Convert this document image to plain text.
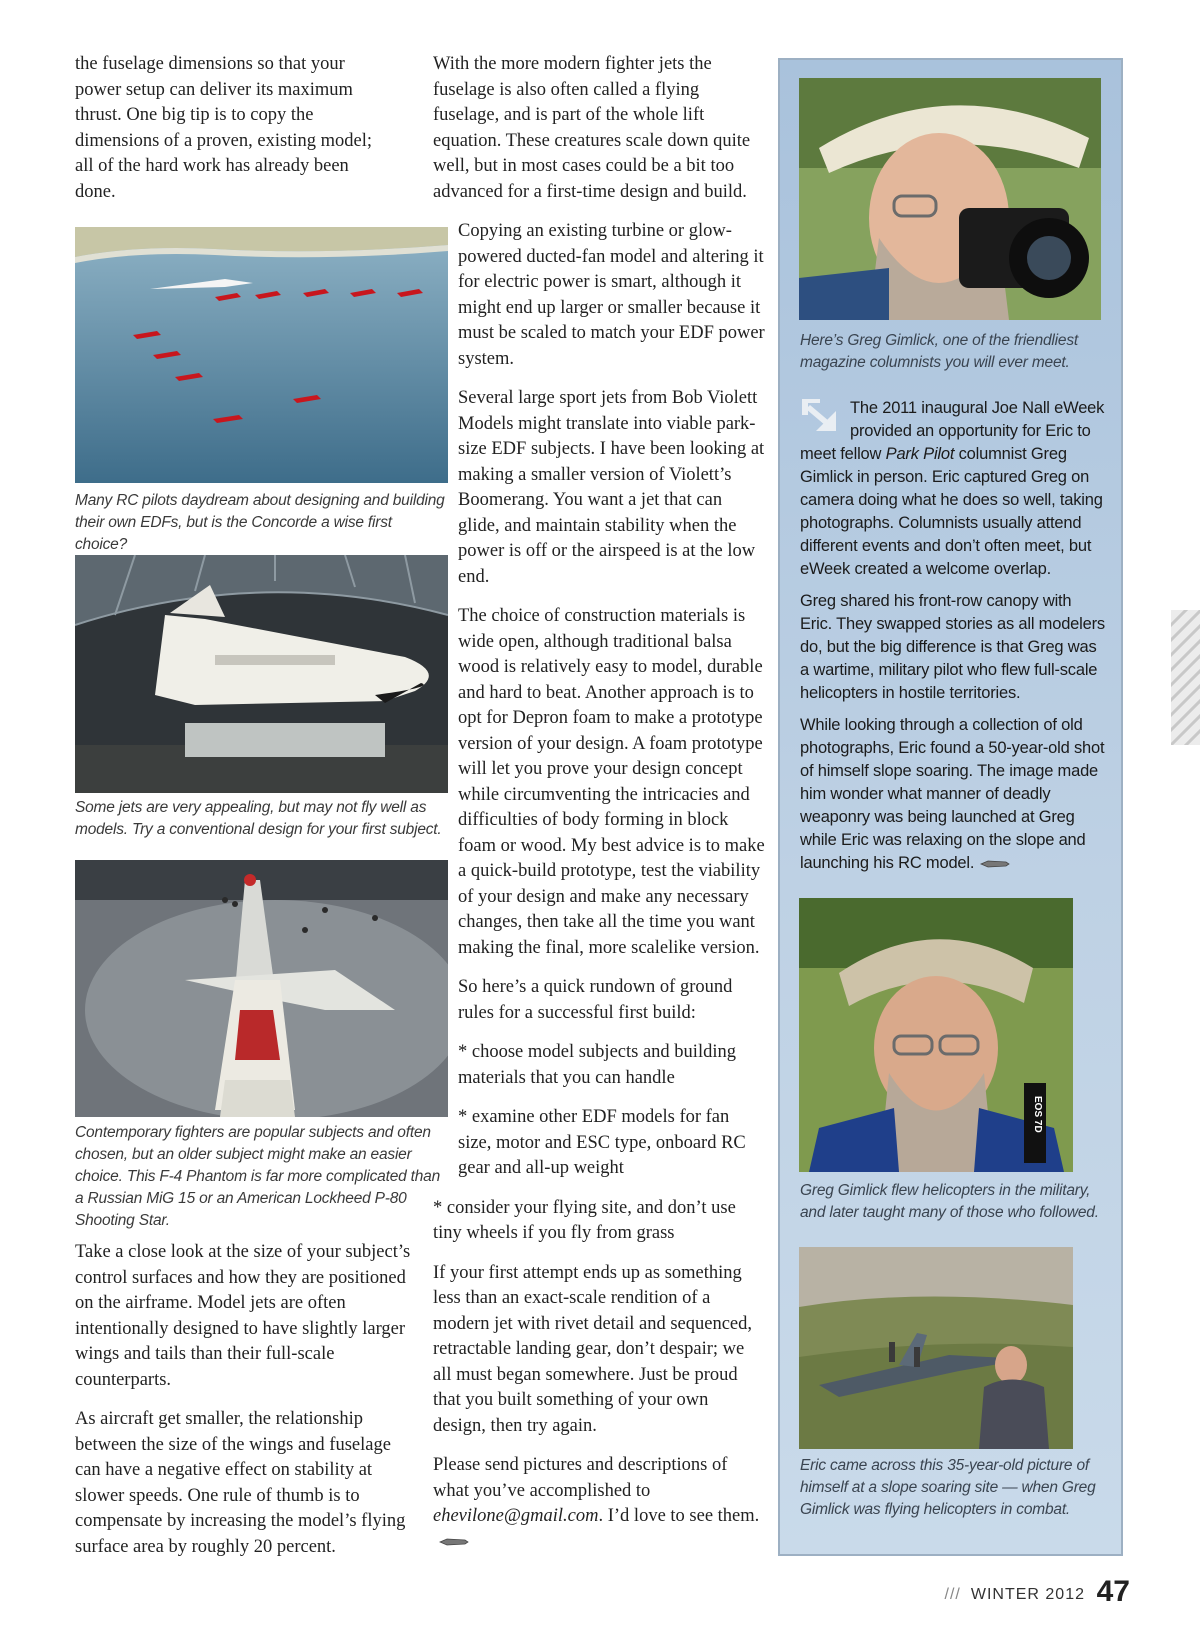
the fuselage dimensions so that your power setup can deliver its maximum thrust. One big tip is to copy the dimensions of a proven, existing model; all of the hard work has already been done.

Many RC pilots daydream about designing and building their own EDFs, but is the Concorde a wise first choice?
Some jets are very appealing, but may not fly well as models. Try a conventional design for your first subject.
Contemporary fighters are popular subjects and often chosen, but an older subject might make an easier choice. This F-4 Phantom is far more complicated than a Russian MiG 15 or an American Lockheed P-80 Shooting Star.

Take a close look at the size of your subject’s control surfaces and how they are positioned on the airframe. Model jets are often intentionally designed to have slightly larger wings and tails than their full-scale counterparts.

As aircraft get smaller, the relationship between the size of the wings and fuselage can have a negative effect on stability at slower speeds. One rule of thumb is to compensate by increasing the model’s flying surface area by roughly 20 percent.

With the more modern fighter jets the fuselage is also often called a flying fuselage, and is part of the whole lift equation. These creatures scale down quite well, but in most cases could be a bit too advanced for a first-time design and build.

Copying an existing turbine or glow-powered ducted-fan model and altering it for electric power is smart, although it might end up larger or smaller because it must be scaled to match your EDF power system.

Several large sport jets from Bob Violett Models might translate into viable park-size EDF subjects. I have been looking at making a smaller version of Violett’s Boomerang. You want a jet that can glide, and maintain stability when the power is off or the airspeed is at the low end.

The choice of construction materials is wide open, although traditional balsa wood is relatively easy to model, durable and hard to beat. Another approach is to opt for Depron foam to make a prototype version of your design. A foam prototype will let you prove your design concept while circumventing the intricacies and difficulties of body forming in block foam or wood. My best advice is to make a quick-build prototype, test the viability of your design and make any necessary changes, then take all the time you want making the final, more scalelike version.

So here’s a quick rundown of ground rules for a successful first build:

* choose model subjects and building materials that you can handle

* examine other EDF models for fan size, motor and ESC type, onboard RC gear and all-up weight

* consider your flying site, and don’t use tiny wheels if you fly from grass

If your first attempt ends up as something less than an exact-scale rendition of a modern jet with rivet detail and sequenced, retractable landing gear, don’t despair; we all must began somewhere. Just be proud that you built something of your own design, then try again.

Please send pictures and descriptions of what you’ve accomplished to ehevilone@gmail.com. I’d love to see them.

Here’s Greg Gimlick, one of the friendliest magazine columnists you will ever meet.

The 2011 inaugural Joe Nall eWeek provided an opportunity for Eric to meet fellow Park Pilot columnist Greg Gimlick in person. Eric captured Greg on camera doing what he does so well, taking photographs. Columnists usually attend different events and don’t often meet, but eWeek created a welcome overlap.

Greg shared his front-row canopy with Eric. They swapped stories as all modelers do, but the big difference is that Greg was a wartime, military pilot who flew full-scale helicopters in hostile territories.

While looking through a collection of old photographs, Eric found a 50-year-old shot of himself slope soaring. The image made him wonder what manner of deadly weaponry was being launched at Greg while Eric was relaxing on the slope and launching his RC model.

EOS 7D
Greg Gimlick flew helicopters in the military, and later taught many of those who followed.
Eric came across this 35-year-old picture of himself at a slope soaring site — when Greg Gimlick was flying helicopters in combat.
/// WINTER 2012 47
